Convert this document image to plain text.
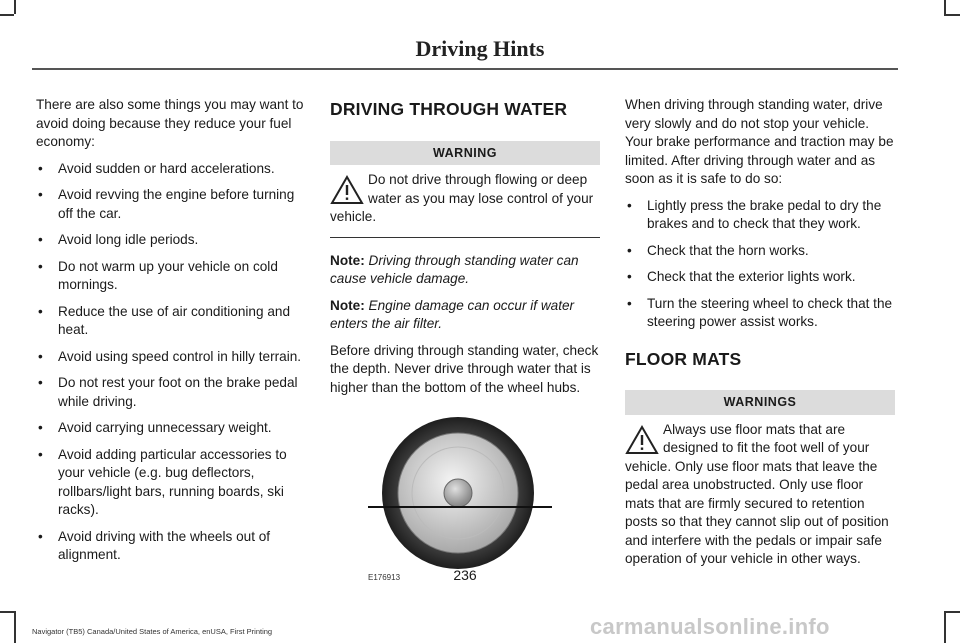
Driving Hints

There are also some things you may want to avoid doing because they reduce your fuel economy:

• Avoid sudden or hard accelerations.
• Avoid revving the engine before turning off the car.
• Avoid long idle periods.
• Do not warm up your vehicle on cold mornings.
• Reduce the use of air conditioning and heat.
• Avoid using speed control in hilly terrain.
• Do not rest your foot on the brake pedal while driving.
• Avoid carrying unnecessary weight.
• Avoid adding particular accessories to your vehicle (e.g. bug deflectors, rollbars/light bars, running boards, ski racks).
• Avoid driving with the wheels out of alignment.
DRIVING THROUGH WATER
WARNING
Do not drive through flowing or deep water as you may lose control of your vehicle.
Note: Driving through standing water can cause vehicle damage.
Note: Engine damage can occur if water enters the air filter.

Before driving through standing water, check the depth. Never drive through water that is higher than the bottom of the wheel hubs.

E176913

When driving through standing water, drive very slowly and do not stop your vehicle. Your brake performance and traction may be limited. After driving through water and as soon as it is safe to do so:

• Lightly press the brake pedal to dry the brakes and to check that they work.
• Check that the horn works.
• Check that the exterior lights work.
• Turn the steering wheel to check that the steering power assist works.
FLOOR MATS
WARNINGS
Always use floor mats that are designed to fit the foot well of your vehicle. Only use floor mats that leave the pedal area unobstructed. Only use floor mats that are firmly secured to retention posts so that they cannot slip out of position and interfere with the pedals or impair safe operation of your vehicle in other ways.
236
Navigator (TB5) Canada/United States of America, enUSA, First Printing	carmanualsonline.info
